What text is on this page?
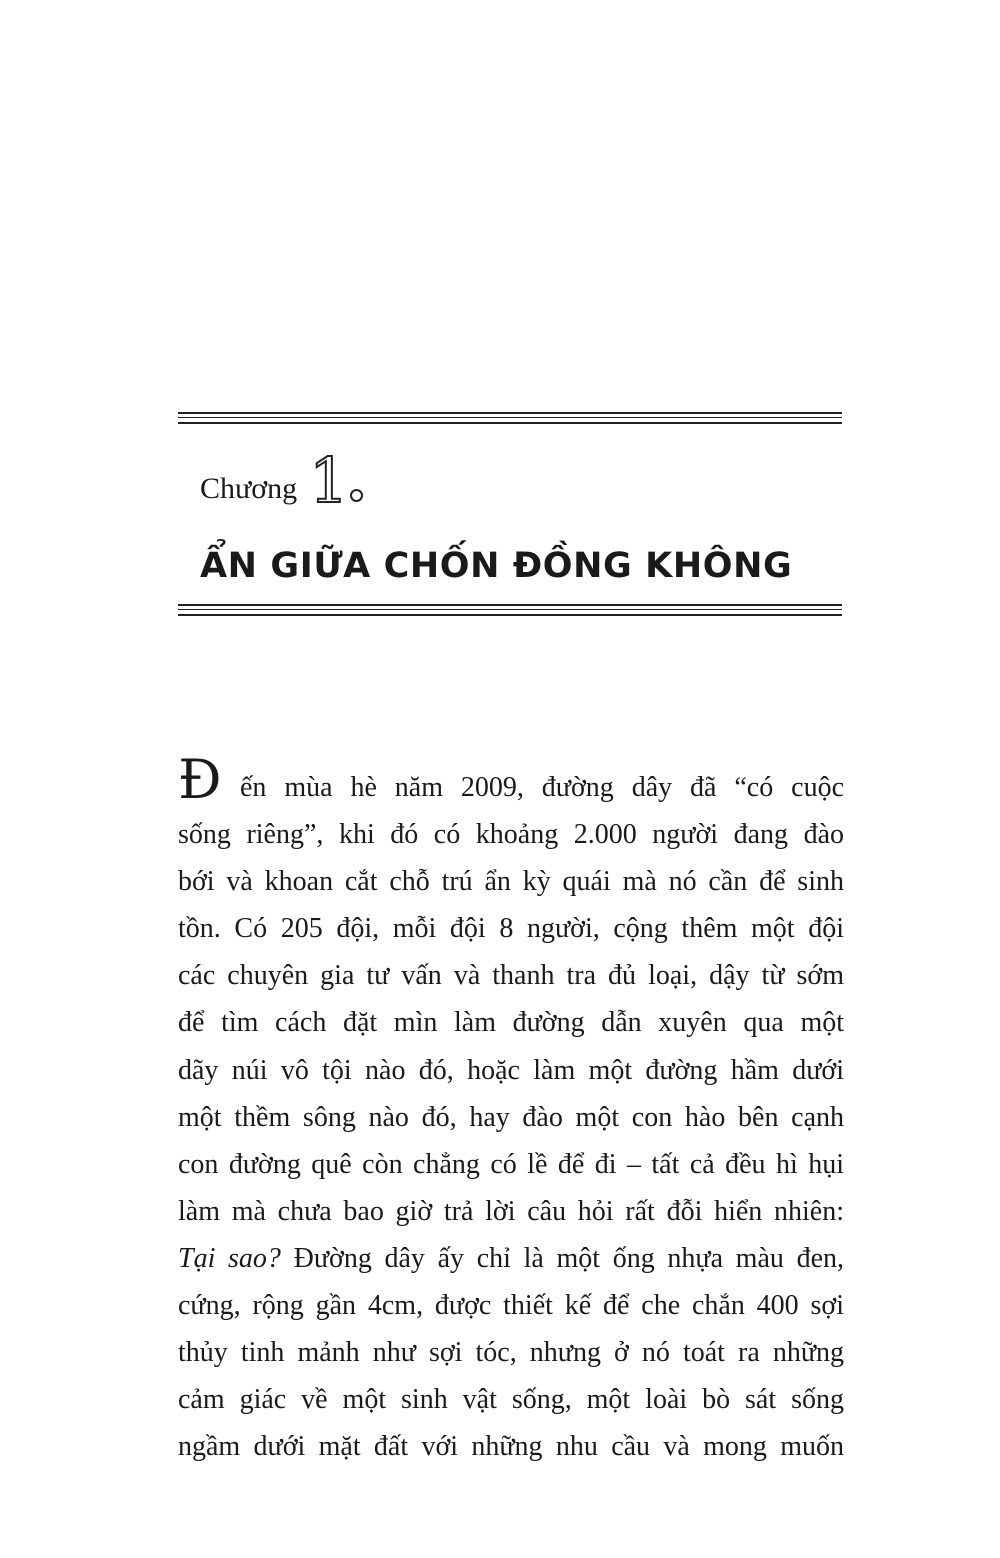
Chương 1
ẨN GIỮA CHỐN ĐỒNG KHÔNG
Đ ến mùa hè năm 2009, đường dây đã “có cuộc
sống riêng”, khi đó có khoảng 2.000 người đang đào
bới và khoan cắt chỗ trú ẩn kỳ quái mà nó cần để sinh
tồn. Có 205 đội, mỗi đội 8 người, cộng thêm một đội
các chuyên gia tư vấn và thanh tra đủ loại, dậy từ sớm
để tìm cách đặt mìn làm đường dẫn xuyên qua một
dãy núi vô tội nào đó, hoặc làm một đường hầm dưới
một thềm sông nào đó, hay đào một con hào bên cạnh
con đường quê còn chẳng có lề để đi – tất cả đều hì hụi
làm mà chưa bao giờ trả lời câu hỏi rất đỗi hiển nhiên:
Tại sao? Đường dây ấy chỉ là một ống nhựa màu đen,
cứng, rộng gần 4cm, được thiết kế để che chắn 400 sợi
thủy tinh mảnh như sợi tóc, nhưng ở nó toát ra những
cảm giác về một sinh vật sống, một loài bò sát sống
ngầm dưới mặt đất với những nhu cầu và mong muốn
